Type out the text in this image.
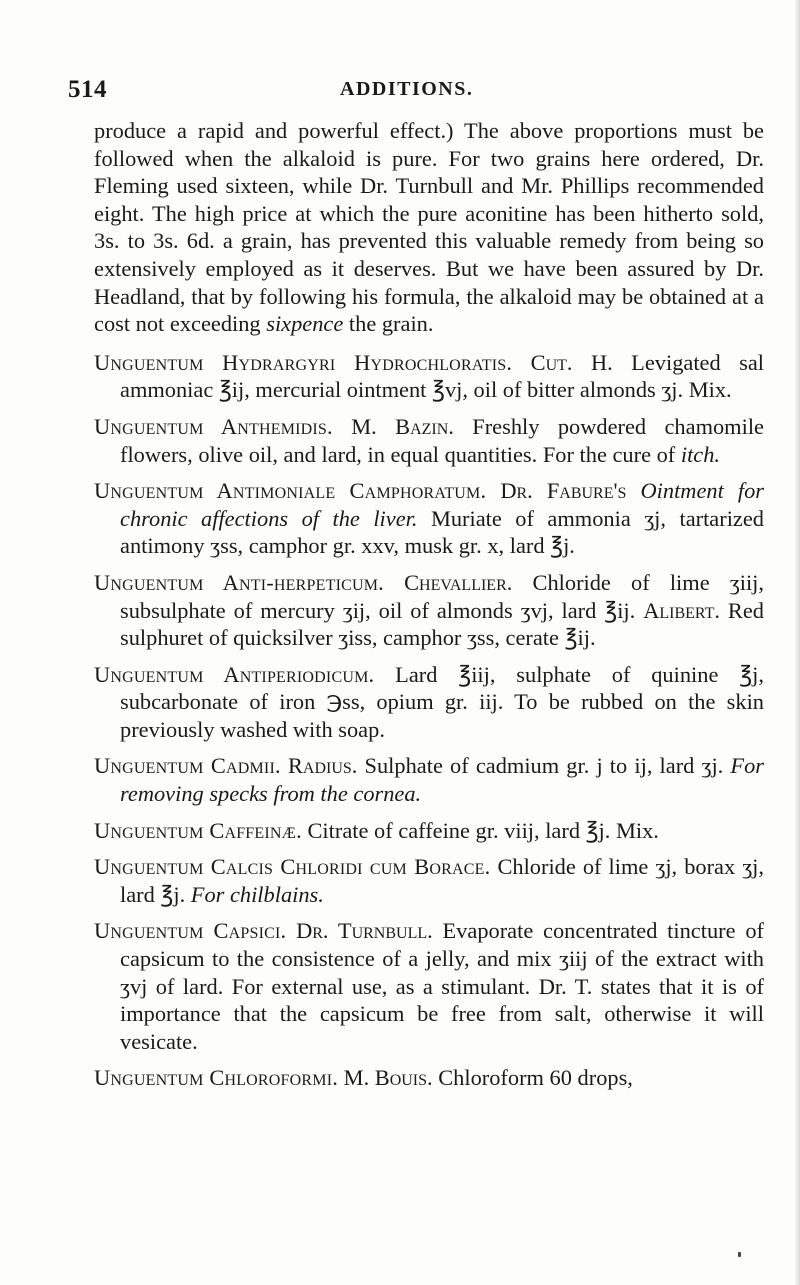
514	ADDITIONS.

produce a rapid and powerful effect.) The above proportions must be followed when the alkaloid is pure. For two grains here ordered, Dr. Fleming used sixteen, while Dr. Turnbull and Mr. Phillips recommended eight. The high price at which the pure aconitine has been hitherto sold, 3s. to 3s. 6d. a grain, has prevented this valuable remedy from being so extensively employed as it deserves. But we have been assured by Dr. Headland, that by following his formula, the alkaloid may be obtained at a cost not exceeding sixpence the grain.

Unguentum Hydrargyri Hydrochloratis. Cut. H. Levigated sal ammoniac ℥ij, mercurial ointment ℥vj, oil of bitter almonds ʒj. Mix.

Unguentum Anthemidis. M. Bazin. Freshly powdered chamomile flowers, olive oil, and lard, in equal quantities. For the cure of itch.

Unguentum Antimoniale Camphoratum. Dr. Fabure's Ointment for chronic affections of the liver. Muriate of ammonia ʒj, tartarized antimony ʒss, camphor gr. xxv, musk gr. x, lard ℥j.

Unguentum Anti-herpeticum. Chevallier. Chloride of lime ʒiij, subsulphate of mercury ʒij, oil of almonds ʒvj, lard ℥ij. Alibert. Red sulphuret of quicksilver ʒiss, camphor ʒss, cerate ℥ij.

Unguentum Antiperiodicum. Lard ℥iij, sulphate of quinine ℥j, subcarbonate of iron ℈ss, opium gr. iij. To be rubbed on the skin previously washed with soap.

Unguentum Cadmii. Radius. Sulphate of cadmium gr. j to ij, lard ʒj. For removing specks from the cornea.

Unguentum Caffeinæ. Citrate of caffeine gr. viij, lard ℥j. Mix.

Unguentum Calcis Chloridi cum Borace. Chloride of lime ʒj, borax ʒj, lard ℥j. For chilblains.

Unguentum Capsici. Dr. Turnbull. Evaporate concentrated tincture of capsicum to the consistence of a jelly, and mix ʒiij of the extract with ʒvj of lard. For external use, as a stimulant. Dr. T. states that it is of importance that the capsicum be free from salt, otherwise it will vesicate.

Unguentum Chloroformi. M. Bouis. Chloroform 60 drops,
